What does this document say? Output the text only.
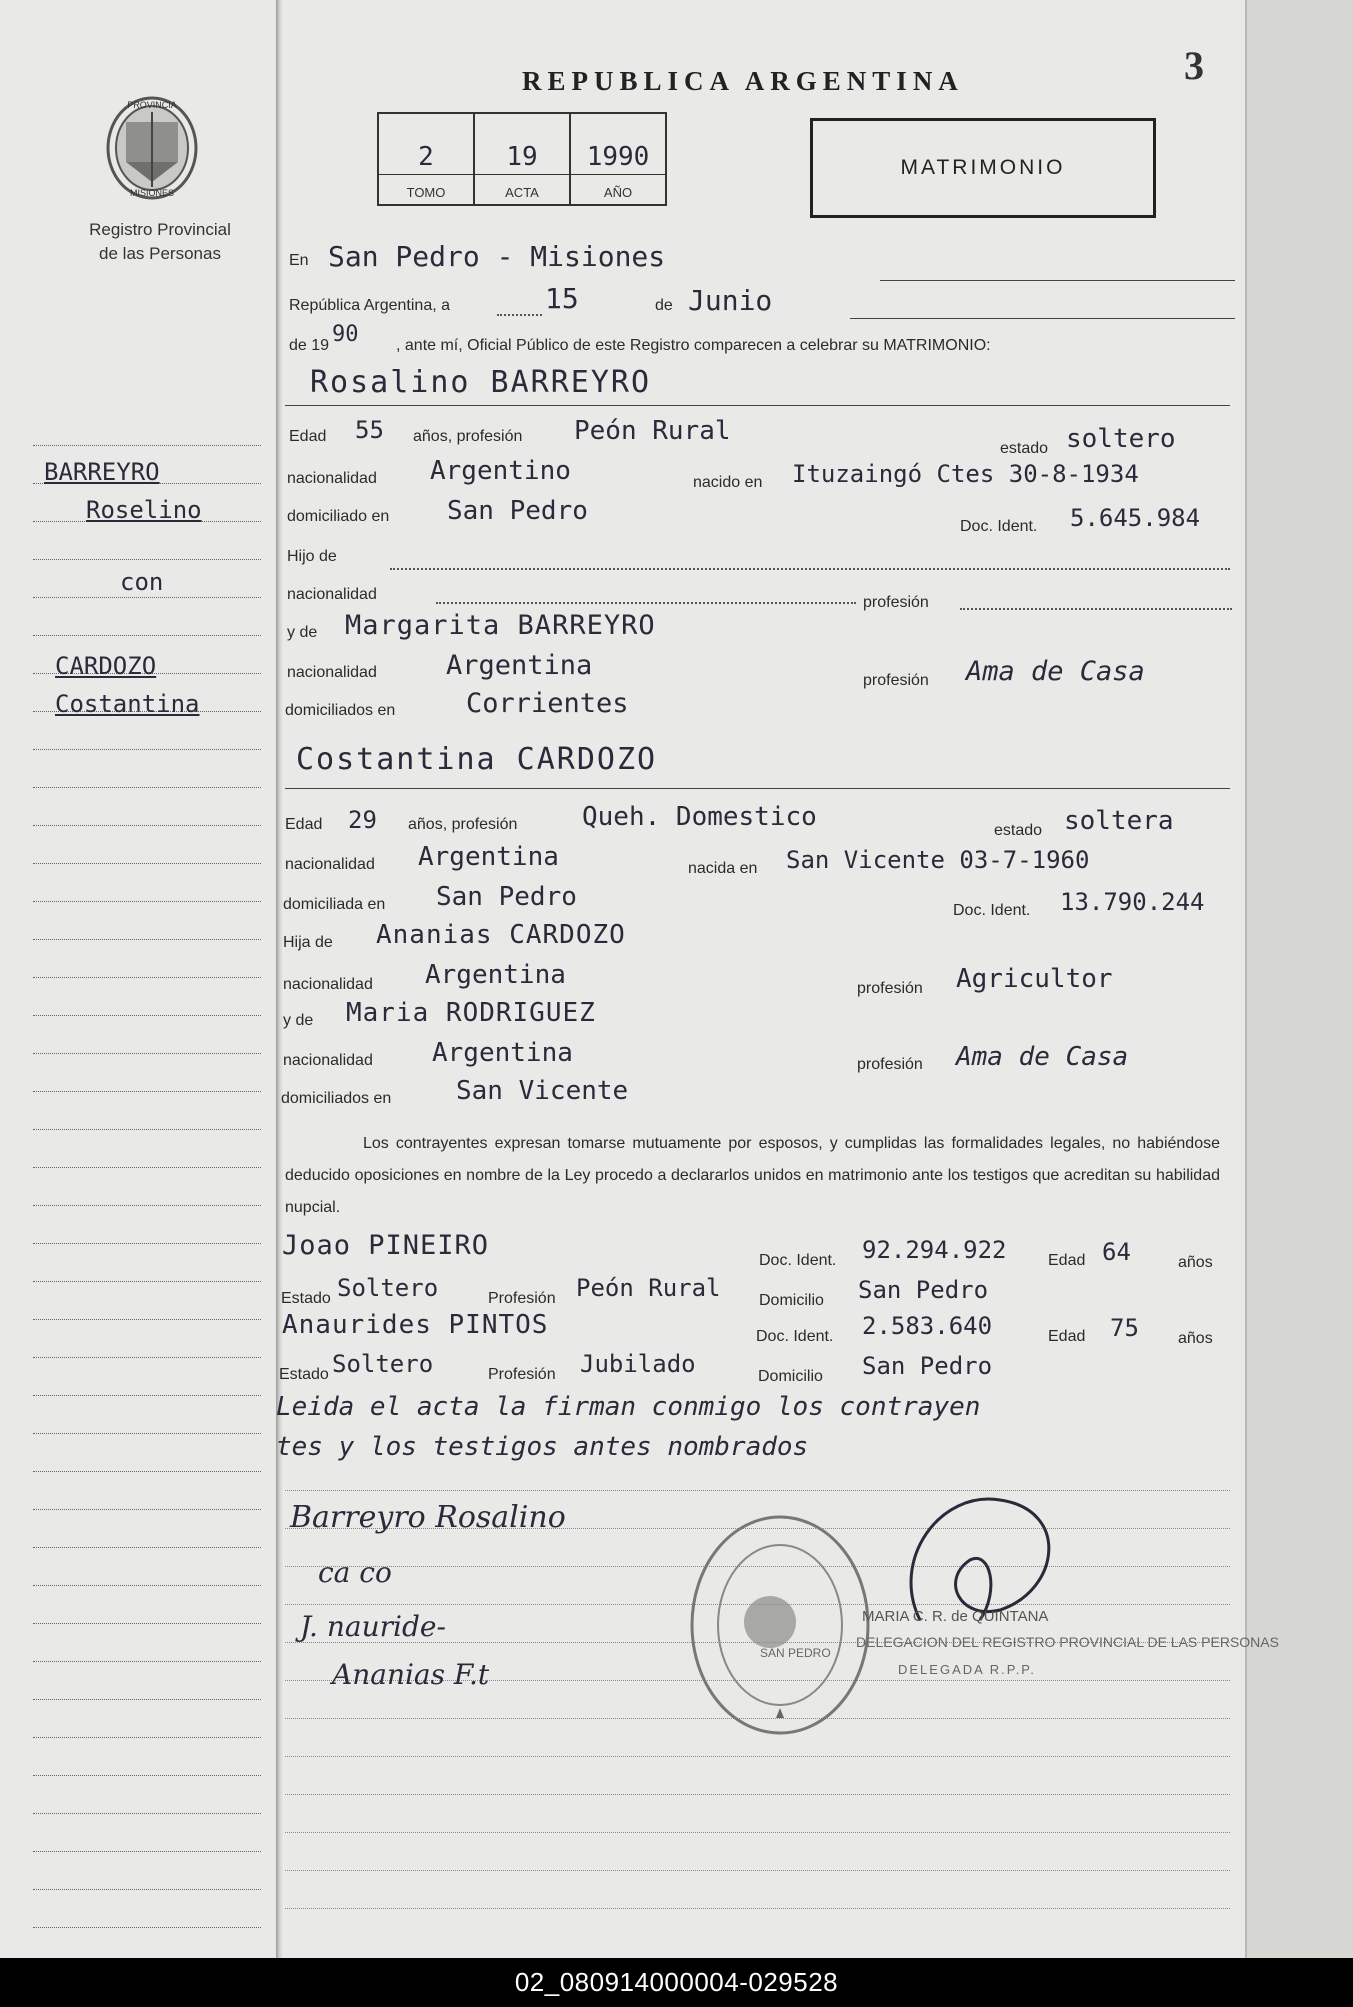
PROVINCIA
MISIONES
Registro Provincial
de las Personas
REPUBLICA ARGENTINA	3
2
TOMO
19
ACTA
1990
AÑO
MATRIMONIO
BARREYRO
Roselino
con
CARDOZO
Costantina
En San Pedro - Misiones
República Argentina, a	15	de Junio
de 19 90 , ante mí, Oficial Público de este Registro comparecen a celebrar su MATRIMONIO:
Rosalino BARREYRO
Edad 55 años, profesión Peón Rural
estado soltero
nacionalidad Argentino	nacido en Ituzaingó Ctes 30-8-1934
domiciliado en San Pedro
Doc. Ident. 5.645.984
Hijo de
nacionalidad	profesión
y de Margarita BARREYRO
nacionalidad	Argentina	profesión Ama de Casa
domiciliados en	Corrientes
Costantina CARDOZO
Edad 29 años, profesión Queh. Domestico	estado soltera
nacionalidad Argentina	nacida en San Vicente 03-7-1960
domiciliada en San Pedro	Doc. Ident. 13.790.244
Hija de Ananias CARDOZO
nacionalidad Argentina	profesión Agricultor
y de Maria RODRIGUEZ
nacionalidad Argentina	profesión Ama de Casa
domiciliados en San Vicente

Los contrayentes expresan tomarse mutuamente por esposos, y cumplidas las formalidades legales, no habiéndose deducido oposiciones en nombre de la Ley procedo a declararlos unidos en matrimonio ante los testigos que acreditan su habilidad nupcial.

Joao PINEIRO	Doc. Ident. 92.294.922	Edad 64	años
Estado Soltero	Profesión Peón Rural Domicilio San Pedro
Anaurides PINTOS	Doc. Ident. 2.583.640	Edad 75 años
Estado Soltero	Profesión Jubilado	Domicilio San Pedro
Leida el acta la firman conmigo los contrayen
tes y los testigos antes nombrados
Barreyro Rosalino
ca co
J. nauride-
Ananias F.t
DELEGACION DEL REGISTRO PROVINCIAL DE LAS PERSONAS
SAN PEDRO
MARIA C. R. de QUINTANA
DELEGADA R.P.P.
02_080914000004-029528
